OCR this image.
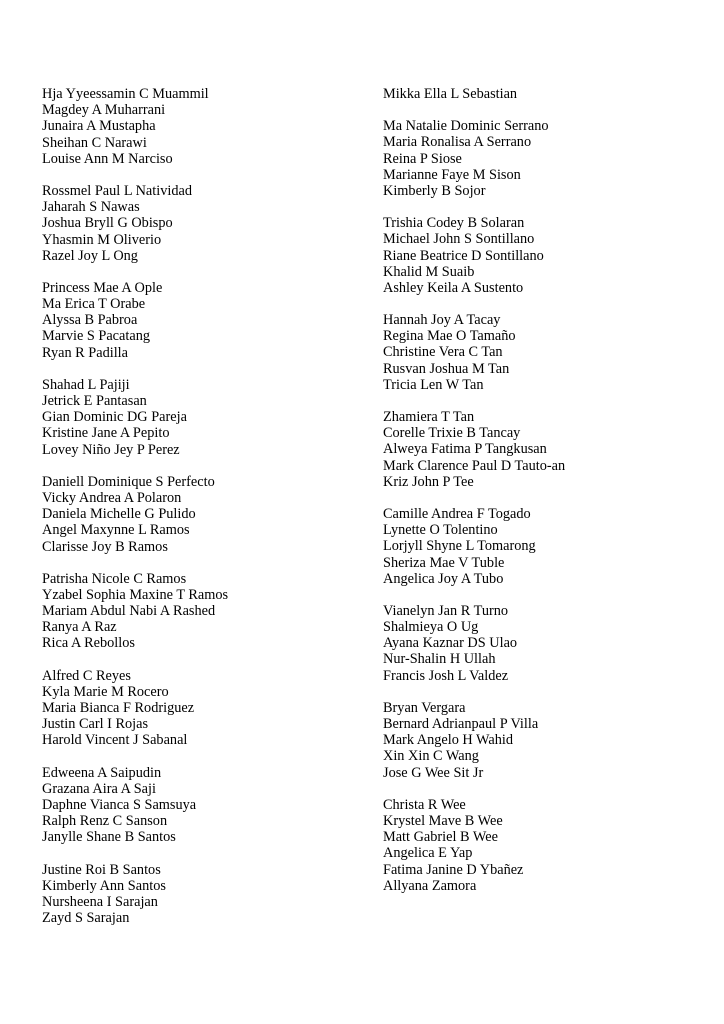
Hja Yyeessamin C Muammil
Magdey A Muharrani
Junaira A Mustapha
Sheihan C Narawi
Louise Ann M Narciso
Rossmel Paul L Natividad
Jaharah S Nawas
Joshua Bryll G Obispo
Yhasmin M Oliverio
Razel Joy L Ong
Princess Mae A Ople
Ma Erica T Orabe
Alyssa B Pabroa
Marvie S Pacatang
Ryan R Padilla
Shahad L Pajiji
Jetrick E Pantasan
Gian Dominic DG Pareja
Kristine Jane A Pepito
Lovey Niño Jey P Perez
Daniell Dominique S Perfecto
Vicky Andrea A Polaron
Daniela Michelle G Pulido
Angel Maxynne L Ramos
Clarisse Joy B Ramos
Patrisha Nicole C Ramos
Yzabel Sophia Maxine T Ramos
Mariam Abdul Nabi A Rashed
Ranya A Raz
Rica A Rebollos
Alfred C Reyes
Kyla Marie M Rocero
Maria Bianca F Rodriguez
Justin Carl I Rojas
Harold Vincent J Sabanal
Edweena A Saipudin
Grazana Aira A Saji
Daphne Vianca S Samsuya
Ralph Renz C Sanson
Janylle Shane B Santos
Justine Roi B Santos
Kimberly Ann Santos
Nursheena I Sarajan
Zayd S Sarajan
Mikka Ella L Sebastian
Ma Natalie Dominic Serrano
Maria Ronalisa A Serrano
Reina P Siose
Marianne Faye M Sison
Kimberly B Sojor
Trishia Codey B Solaran
Michael John S Sontillano
Riane Beatrice D Sontillano
Khalid M Suaib
Ashley Keila A Sustento
Hannah Joy A Tacay
Regina Mae O Tamaño
Christine Vera C Tan
Rusvan Joshua M Tan
Tricia Len W Tan
Zhamiera T Tan
Corelle Trixie B Tancay
Alweya Fatima P Tangkusan
Mark Clarence Paul D Tauto-an
Kriz John P Tee
Camille Andrea F Togado
Lynette O Tolentino
Lorjyll Shyne L Tomarong
Sheriza Mae V Tuble
Angelica Joy A Tubo
Vianelyn Jan R Turno
Shalmieya O Ug
Ayana Kaznar DS Ulao
Nur-Shalin H Ullah
Francis Josh L Valdez
Bryan Vergara
Bernard Adrianpaul P Villa
Mark Angelo H Wahid
Xin Xin C Wang
Jose G Wee Sit Jr
Christa R Wee
Krystel Mave B Wee
Matt Gabriel B Wee
Angelica E Yap
Fatima Janine D Ybañez
Allyana Zamora
